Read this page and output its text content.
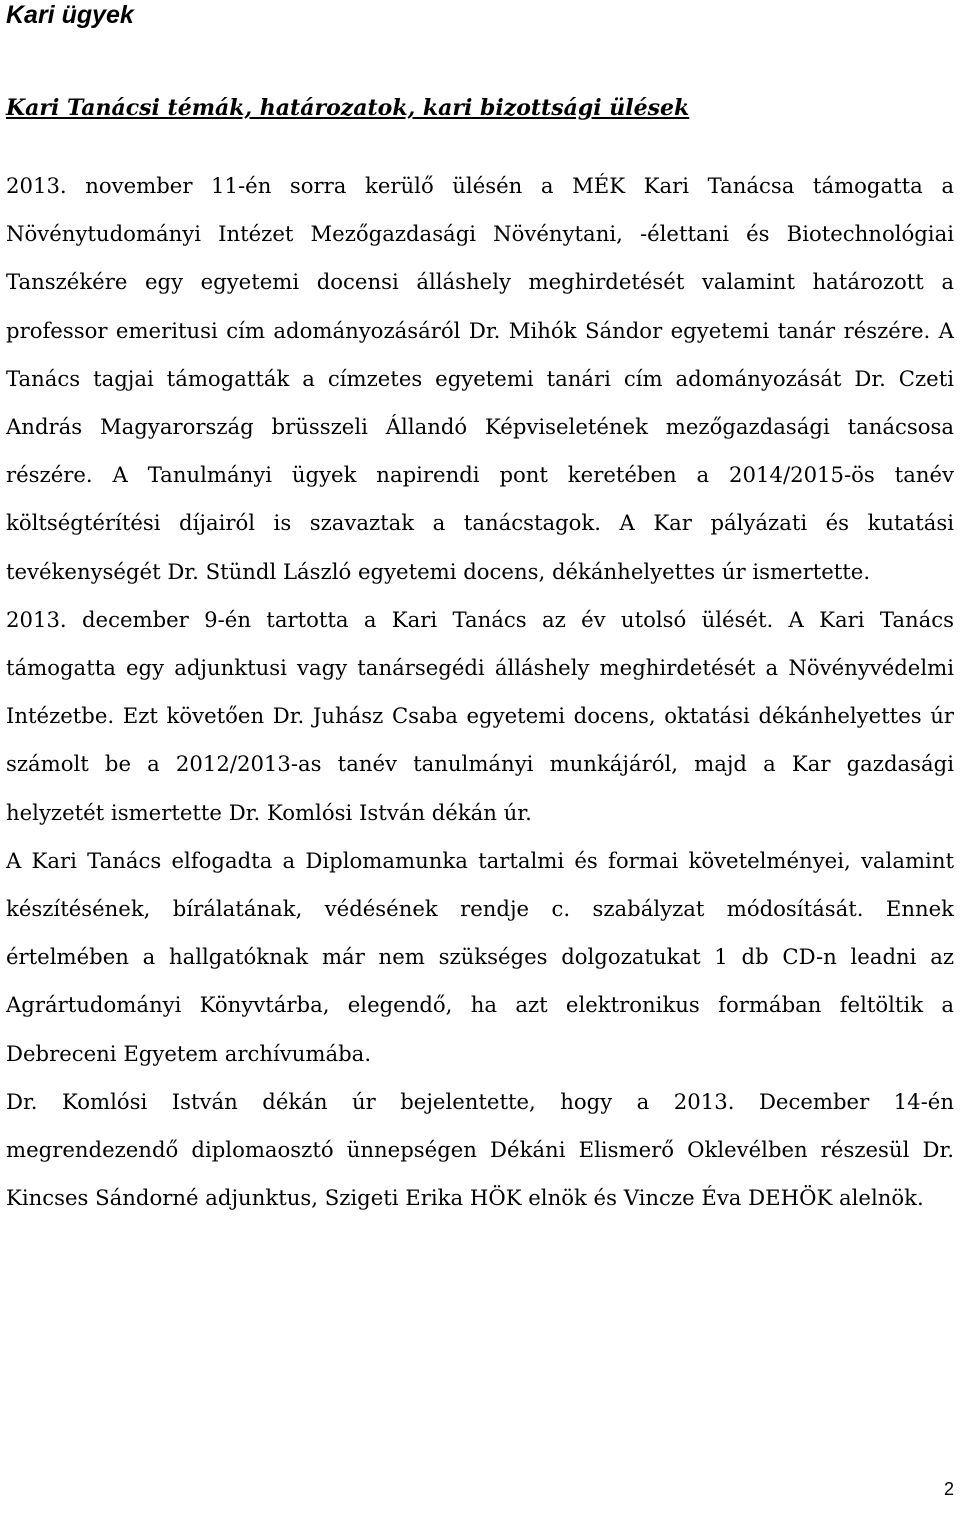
Kari ügyek
Kari Tanácsi témák, határozatok, kari bizottsági ülések

2013. november 11-én sorra kerülő ülésén a MÉK Kari Tanácsa támogatta a Növénytudományi Intézet Mezőgazdasági Növénytani, -élettani és Biotechnológiai Tanszékére egy egyetemi docensi álláshely meghirdetését valamint határozott a professor emeritusi cím adományozásáról Dr. Mihók Sándor egyetemi tanár részére. A Tanács tagjai támogatták a címzetes egyetemi tanári cím adományozását Dr. Czeti András Magyarország brüsszeli Állandó Képviseletének mezőgazdasági tanácsosa részére. A Tanulmányi ügyek napirendi pont keretében a 2014/2015-ös tanév költségtérítési díjairól is szavaztak a tanácstagok. A Kar pályázati és kutatási tevékenységét Dr. Stündl László egyetemi docens, dékánhelyettes úr ismertette.

2013. december 9-én tartotta a Kari Tanács az év utolsó ülését. A Kari Tanács támogatta egy adjunktusi vagy tanársegédi álláshely meghirdetését a Növényvédelmi Intézetbe. Ezt követően Dr. Juhász Csaba egyetemi docens, oktatási dékánhelyettes úr számolt be a 2012/2013-as tanév tanulmányi munkájáról, majd a Kar gazdasági helyzetét ismertette Dr. Komlósi István dékán úr.

A Kari Tanács elfogadta a Diplomamunka tartalmi és formai követelményei, valamint készítésének, bírálatának, védésének rendje c. szabályzat módosítását. Ennek értelmében a hallgatóknak már nem szükséges dolgozatukat 1 db CD-n leadni az Agrártudományi Könyvtárba, elegendő, ha azt elektronikus formában feltöltik a Debreceni Egyetem archívumába.

Dr. Komlósi István dékán úr bejelentette, hogy a 2013. December 14-én megrendezendő diplomaosztó ünnepségen Dékáni Elismerő Oklevélben részesül Dr. Kincses Sándorné adjunktus, Szigeti Erika HÖK elnök és Vincze Éva DEHÖK alelnök.

2
